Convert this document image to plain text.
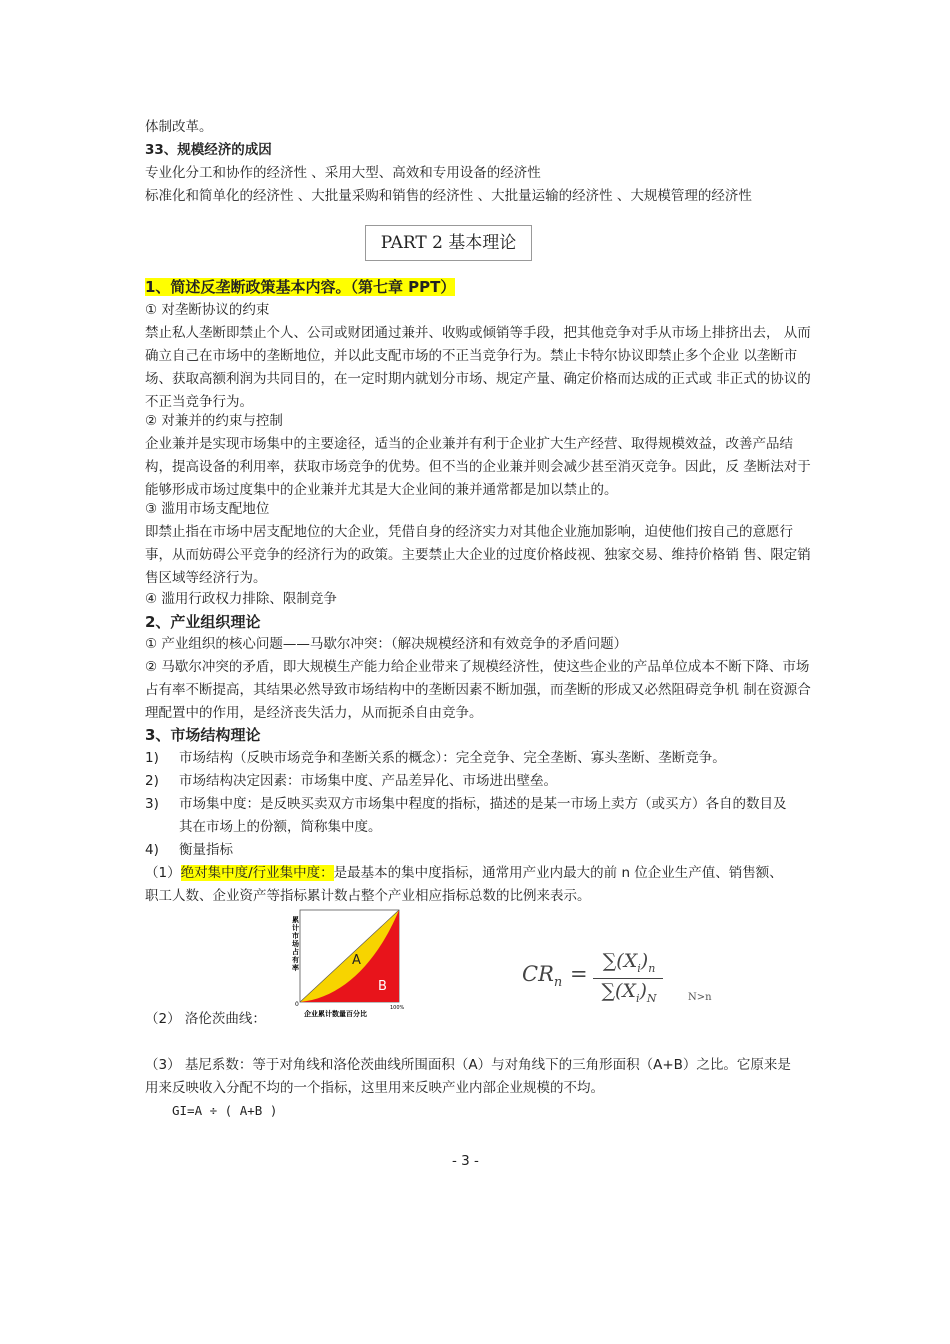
体制改革。
33、规模经济的成因
专业化分工和协作的经济性 、采用大型、高效和专用设备的经济性
标准化和简单化的经济性 、大批量采购和销售的经济性 、大批量运输的经济性 、大规模管理的经济性
PART 2 基本理论
1、简述反垄断政策基本内容。（第七章 PPT）
① 对垄断协议的约束
禁止私人垄断即禁止个人、公司或财团通过兼并、收购或倾销等手段，把其他竞争对手从市场上排挤出去， 从而确立自己在市场中的垄断地位，并以此支配市场的不正当竞争行为。禁止卡特尔协议即禁止多个企业 以垄断市场、获取高额利润为共同目的，在一定时期内就划分市场、规定产量、确定价格而达成的正式或 非正式的协议的不正当竞争行为。
② 对兼并的约束与控制
企业兼并是实现市场集中的主要途径，适当的企业兼并有利于企业扩大生产经营、取得规模效益，改善产品结构，提高设备的利用率，获取市场竞争的优势。但不当的企业兼并则会减少甚至消灭竞争。因此，反 垄断法对于能够形成市场过度集中的企业兼并尤其是大企业间的兼并通常都是加以禁止的。
③ 滥用市场支配地位
即禁止指在市场中居支配地位的大企业，凭借自身的经济实力对其他企业施加影响，迫使他们按自己的意愿行事，从而妨碍公平竞争的经济行为的政策。主要禁止大企业的过度价格歧视、独家交易、维持价格销 售、限定销售区域等经济行为。
④ 滥用行政权力排除、限制竞争
2、产业组织理论
① 产业组织的核心问题——马歇尔冲突：（解决规模经济和有效竞争的矛盾问题）
② 马歇尔冲突的矛盾，即大规模生产能力给企业带来了规模经济性，使这些企业的产品单位成本不断下降、市场占有率不断提高，其结果必然导致市场结构中的垄断因素不断加强，而垄断的形成又必然阻碍竞争机 制在资源合理配置中的作用，是经济丧失活力，从而扼杀自由竞争。
3、市场结构理论
1) 市场结构（反映市场竞争和垄断关系的概念）：完全竞争、完全垄断、寡头垄断、垄断竞争。
2) 市场结构决定因素：市场集中度、产品差异化、市场进出壁垒。
3) 市场集中度：是反映买卖双方市场集中程度的指标，描述的是某一市场上卖方（或买方）各自的数目及
其在市场上的份额，简称集中度。
4) 衡量指标
（1）绝对集中度/行业集中度：是最基本的集中度指标，通常用产业内最大的前 n 位企业生产值、销售额、
职工人数、企业资产等指标累计数占整个产业相应指标总数的比例来表示。
累计市场占有率	A
B
0	100%
企业累计数量百分比
$CR_n$ =
$\sum(X_i)_n$
$\sum(X_i)_N$	N>n
（2） 洛伦茨曲线：
（3） 基尼系数：等于对角线和洛伦茨曲线所围面积（A）与对角线下的三角形面积（A+B）之比。它原来是
用来反映收入分配不均的一个指标，这里用来反映产业内部企业规模的不均。
GI=A ÷ ( A+B )
- 3 -
